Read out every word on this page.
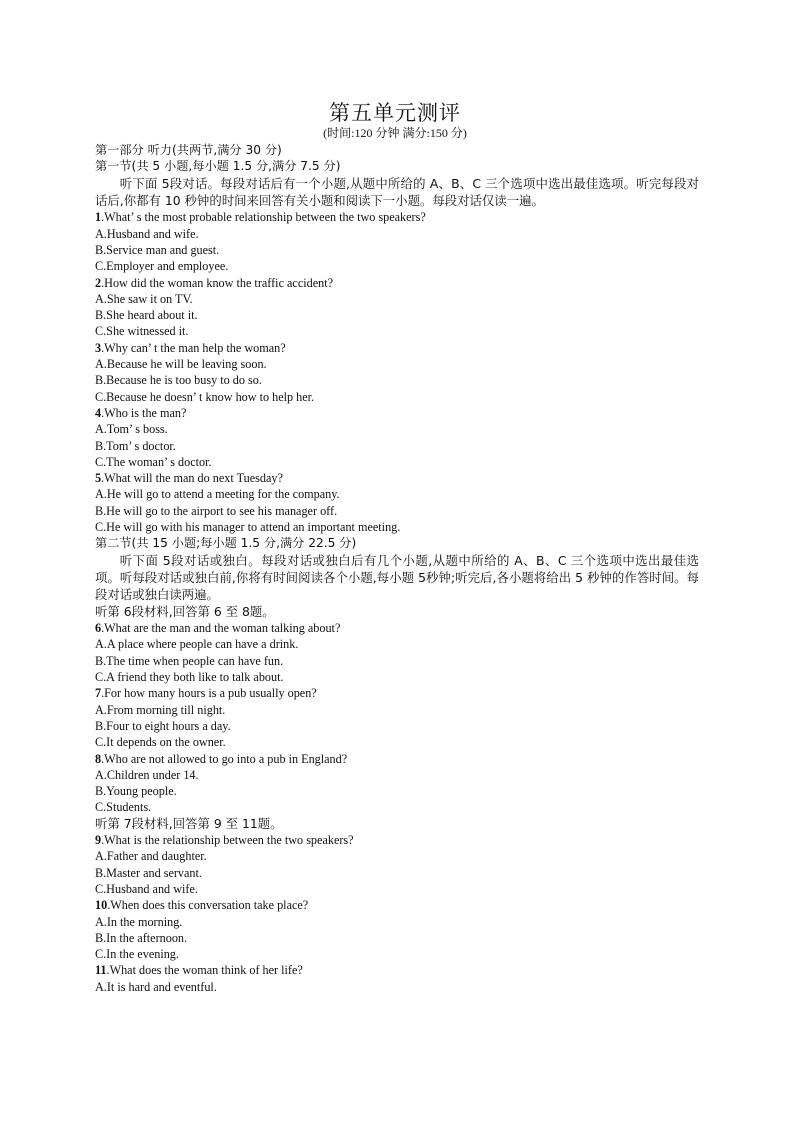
第五单元测评
(时间:120 分钟 满分:150 分)
第一部分 听力(共两节,满分 30 分)
第一节(共 5 小题,每小题 1.5 分,满分 7.5 分)
听下面 5段对话。每段对话后有一个小题,从题中所给的 A、B、C 三个选项中选出最佳选项。听完每段对话后,你都有 10 秒钟的时间来回答有关小题和阅读下一小题。每段对话仅读一遍。
1.What’ s the most probable relationship between the two speakers?
A.Husband and wife.
B.Service man and guest.
C.Employer and employee.
2.How did the woman know the traffic accident?
A.She saw it on TV.
B.She heard about it.
C.She witnessed it.
3.Why can’ t the man help the woman?
A.Because he will be leaving soon.
B.Because he is too busy to do so.
C.Because he doesn’ t know how to help her.
4.Who is the man?
A.Tom’ s boss.
B.Tom’ s doctor.
C.The woman’ s doctor.
5.What will the man do next Tuesday?
A.He will go to attend a meeting for the company.
B.He will go to the airport to see his manager off.
C.He will go with his manager to attend an important meeting.
第二节(共 15 小题;每小题 1.5 分,满分 22.5 分)
听下面 5段对话或独白。每段对话或独白后有几个小题,从题中所给的 A、B、C 三个选项中选出最佳选项。听每段对话或独白前,你将有时间阅读各个小题,每小题 5秒钟;听完后,各小题将给出 5 秒钟的作答时间。每段对话或独白读两遍。
听第 6段材料,回答第 6 至 8题。
6.What are the man and the woman talking about?
A.A place where people can have a drink.
B.The time when people can have fun.
C.A friend they both like to talk about.
7.For how many hours is a pub usually open?
A.From morning till night.
B.Four to eight hours a day.
C.It depends on the owner.
8.Who are not allowed to go into a pub in England?
A.Children under 14.
B.Young people.
C.Students.
听第 7段材料,回答第 9 至 11题。
9.What is the relationship between the two speakers?
A.Father and daughter.
B.Master and servant.
C.Husband and wife.
10.When does this conversation take place?
A.In the morning.
B.In the afternoon.
C.In the evening.
11.What does the woman think of her life?
A.It is hard and eventful.
